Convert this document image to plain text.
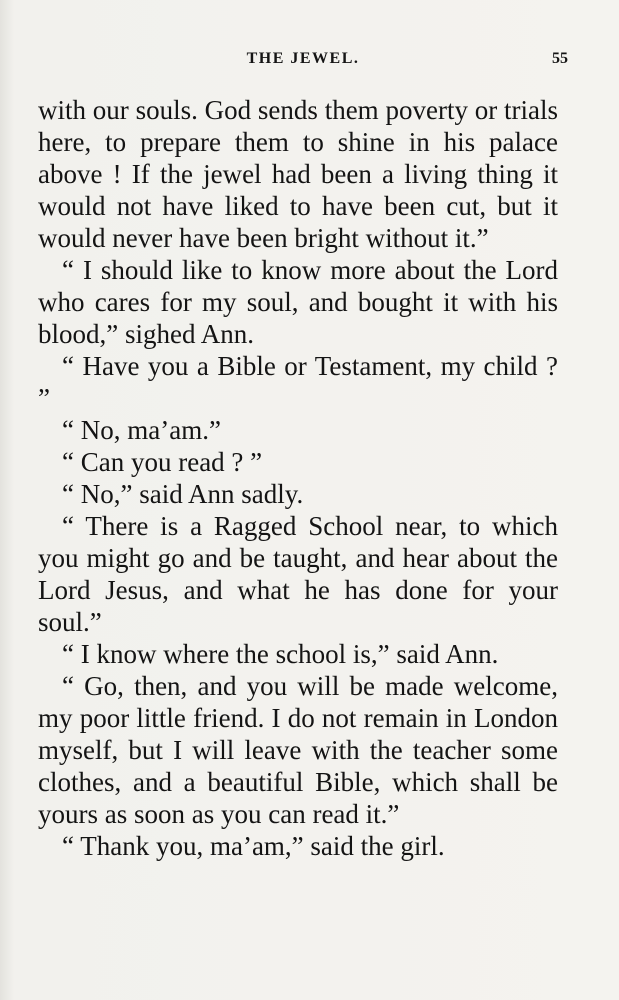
THE JEWEL.	55

with our souls. God sends them poverty or trials here, to prepare them to shine in his palace above ! If the jewel had been a living thing it would not have liked to have been cut, but it would never have been bright without it.”

“ I should like to know more about the Lord who cares for my soul, and bought it with his blood,” sighed Ann.

“ Have you a Bible or Testament, my child ? ”

“ No, ma’am.”

“ Can you read ? ”

“ No,” said Ann sadly.

“ There is a Ragged School near, to which you might go and be taught, and hear about the Lord Jesus, and what he has done for your soul.”

“ I know where the school is,” said Ann.

“ Go, then, and you will be made welcome, my poor little friend. I do not remain in London myself, but I will leave with the teacher some clothes, and a beautiful Bible, which shall be yours as soon as you can read it.”

“ Thank you, ma’am,” said the girl.
